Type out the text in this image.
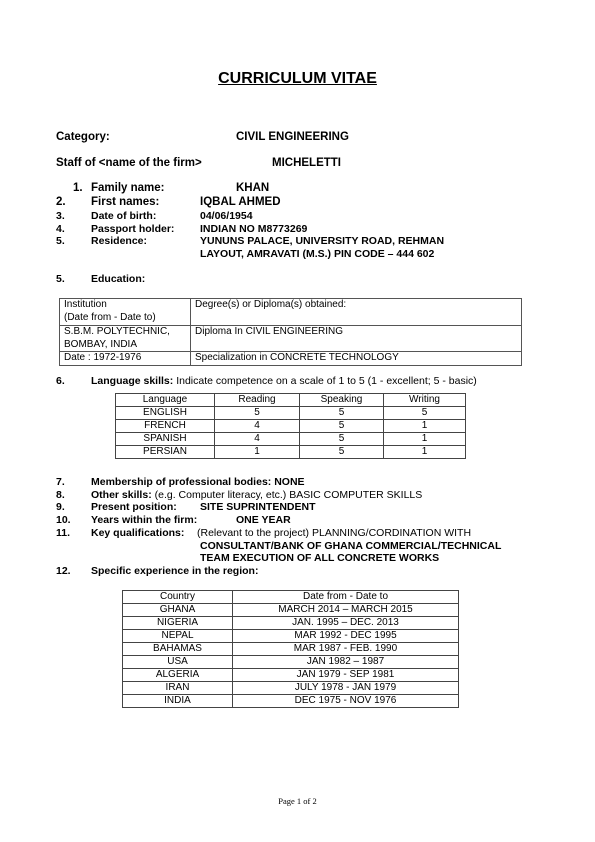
CURRICULUM VITAE
Category:	CIVIL ENGINEERING
Staff of <name of the firm>	MICHELETTI
1. Family name:	KHAN
2. First names:	IQBAL AHMED
3. Date of birth:	04/06/1954
4. Passport holder: INDIAN NO M8773269
5. Residence:	YUNUNS PALACE, UNIVERSITY ROAD, REHMAN
LAYOUT, AMRAVATI (M.S.) PIN CODE – 444 602
5. Education:
Institution
(Date from - Date to)	Degree(s) or Diploma(s) obtained:

S.B.M. POLYTECHNIC,
BOMBAY, INDIA	Diploma In CIVIL ENGINEERING
Date : 1972-1976	Specialization in CONCRETE TECHNOLOGY
6. Language skills: Indicate competence on a scale of 1 to 5 (1 - excellent; 5 - basic)
Language	Reading	Speaking	Writing
ENGLISH	5	5	5
FRENCH	4	5	1
SPANISH	4	5	1
PERSIAN	1	5	1
7. Membership of professional bodies: NONE
8. Other skills: (e.g. Computer literacy, etc.) BASIC COMPUTER SKILLS
9. Present position: SITE SUPRINTENDENT
10. Years within the firm:	ONE YEAR
11. Key qualifications: (Relevant to the project) PLANNING/CORDINATION WITH
CONSULTANT/BANK OF GHANA COMMERCIAL/TECHNICAL
TEAM EXECUTION OF ALL CONCRETE WORKS
12. Specific experience in the region:
Country	Date from - Date to
GHANA	MARCH 2014 – MARCH 2015
NIGERIA	JAN. 1995 – DEC. 2013
NEPAL	MAR 1992 - DEC 1995
BAHAMAS	MAR 1987 - FEB. 1990
USA	JAN 1982 – 1987
ALGERIA	JAN 1979 - SEP 1981
IRAN	JULY 1978 - JAN 1979
INDIA	DEC 1975 - NOV 1976
Page 1 of 2
